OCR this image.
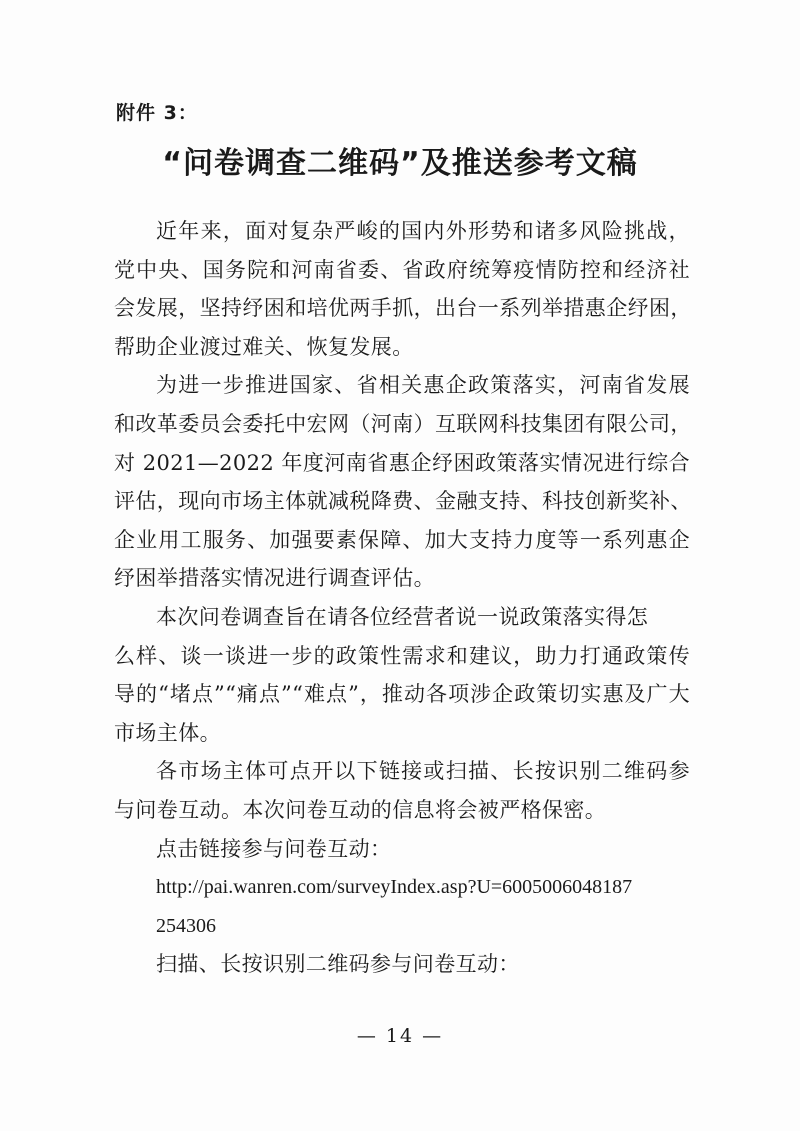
附件 3：
“问卷调查二维码”及推送参考文稿
近年来，面对复杂严峻的国内外形势和诸多风险挑战，
党中央、国务院和河南省委、省政府统筹疫情防控和经济社
会发展，坚持纾困和培优两手抓，出台一系列举措惠企纾困，
帮助企业渡过难关、恢复发展。
为进一步推进国家、省相关惠企政策落实，河南省发展
和改革委员会委托中宏网（河南）互联网科技集团有限公司，
对 2021—2022 年度河南省惠企纾困政策落实情况进行综合
评估，现向市场主体就减税降费、金融支持、科技创新奖补、
企业用工服务、加强要素保障、加大支持力度等一系列惠企
纾困举措落实情况进行调查评估。
本次问卷调查旨在请各位经营者说一说政策落实得怎
么样、谈一谈进一步的政策性需求和建议，助力打通政策传
导的“堵点”“痛点”“难点”，推动各项涉企政策切实惠及广大
市场主体。
各市场主体可点开以下链接或扫描、长按识别二维码参
与问卷互动。本次问卷互动的信息将会被严格保密。
点击链接参与问卷互动：
http://pai.wanren.com/surveyIndex.asp?U=6005006048187
254306
扫描、长按识别二维码参与问卷互动：
— 14 —
